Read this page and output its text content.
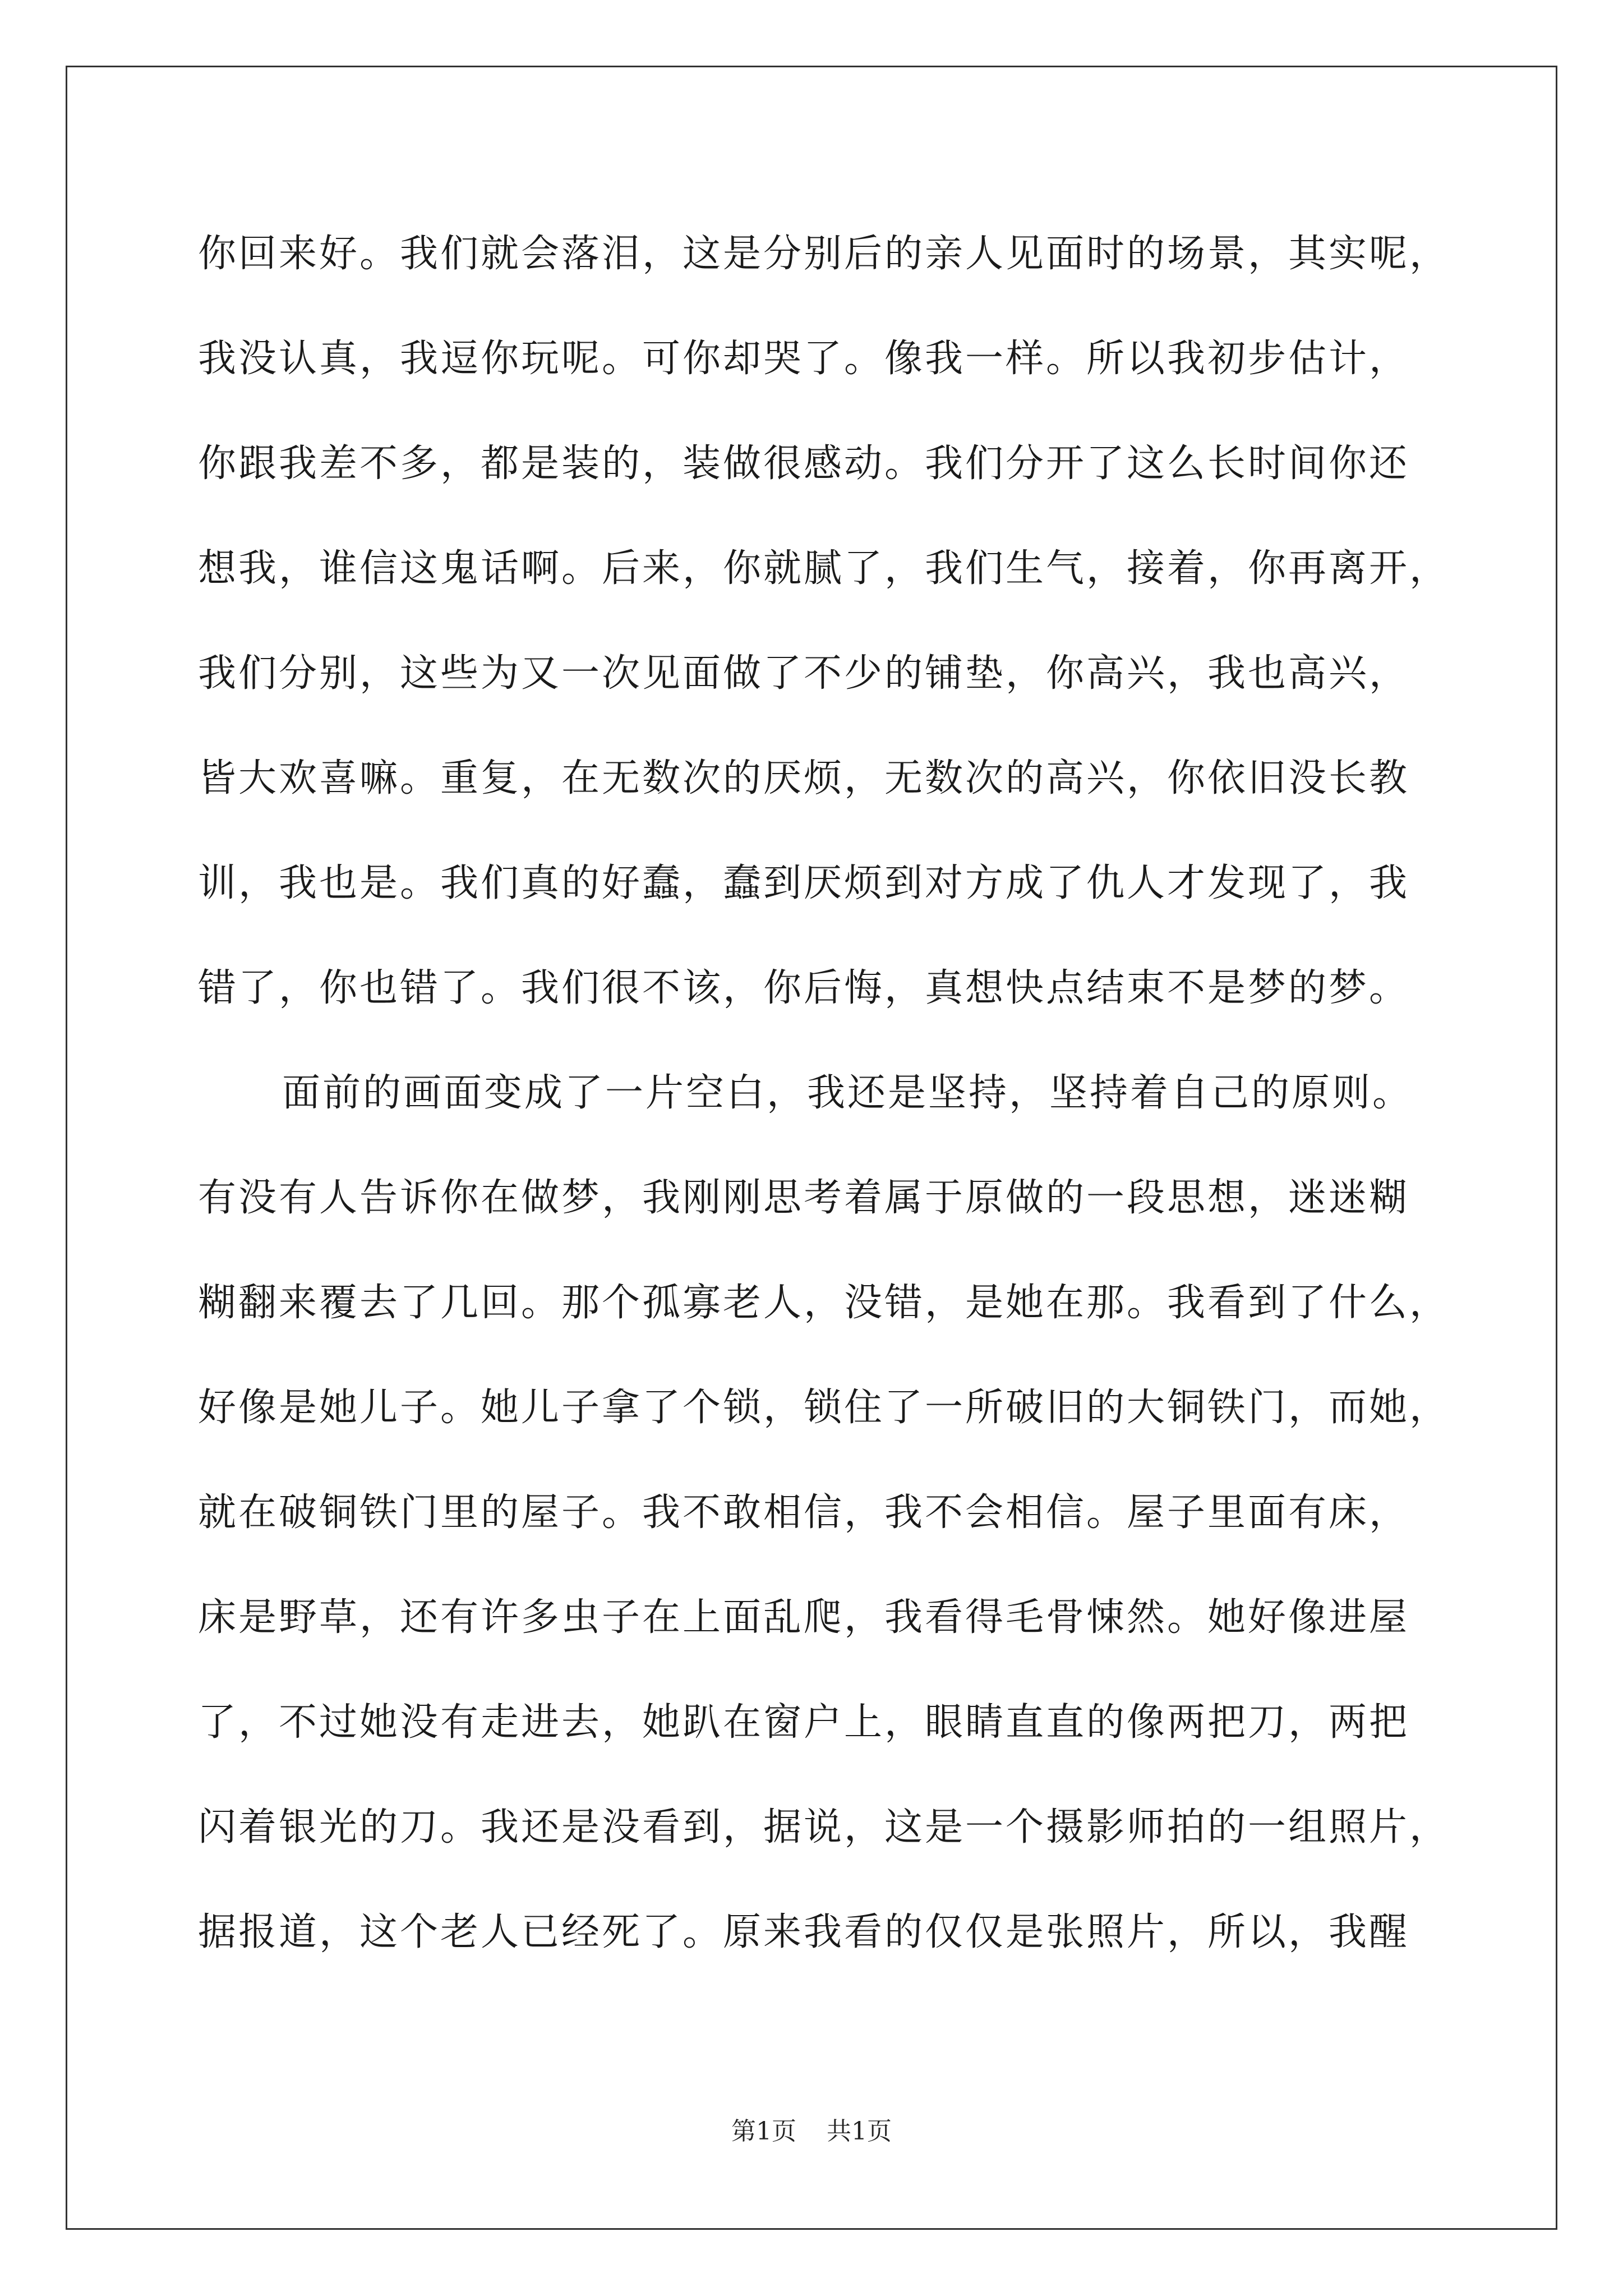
你回来好。我们就会落泪，这是分别后的亲人见面时的场景，其实呢，
我没认真，我逗你玩呢。可你却哭了。像我一样。所以我初步估计，
你跟我差不多，都是装的，装做很感动。我们分开了这么长时间你还
想我，谁信这鬼话啊。后来，你就腻了，我们生气，接着，你再离开，
我们分别，这些为又一次见面做了不少的铺垫，你高兴，我也高兴，
皆大欢喜嘛。重复，在无数次的厌烦，无数次的高兴，你依旧没长教
训，我也是。我们真的好蠢，蠢到厌烦到对方成了仇人才发现了，我
错了，你也错了。我们很不该，你后悔，真想快点结束不是梦的梦。
面前的画面变成了一片空白，我还是坚持，坚持着自己的原则。
有没有人告诉你在做梦，我刚刚思考着属于原做的一段思想，迷迷糊
糊翻来覆去了几回。那个孤寡老人，没错，是她在那。我看到了什么，
好像是她儿子。她儿子拿了个锁，锁住了一所破旧的大铜铁门，而她，
就在破铜铁门里的屋子。我不敢相信，我不会相信。屋子里面有床，
床是野草，还有许多虫子在上面乱爬，我看得毛骨悚然。她好像进屋
了，不过她没有走进去，她趴在窗户上，眼睛直直的像两把刀，两把
闪着银光的刀。我还是没看到，据说，这是一个摄影师拍的一组照片，
据报道，这个老人已经死了。原来我看的仅仅是张照片，所以，我醒
第1页 共1页
